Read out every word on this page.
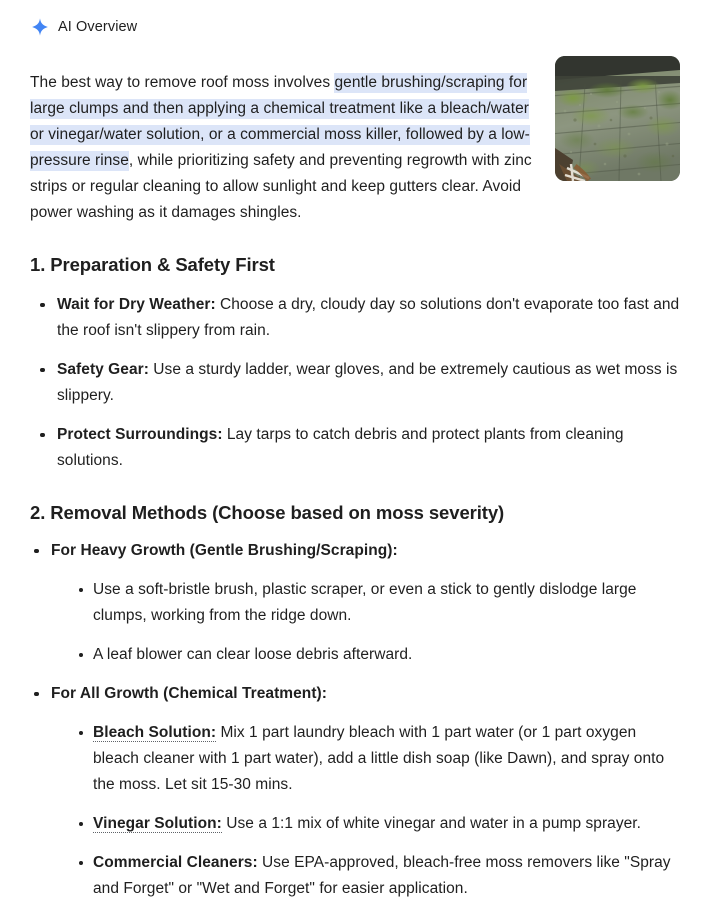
AI Overview

The best way to remove roof moss involves gentle brushing/scraping for large clumps and then applying a chemical treatment like a bleach/water or vinegar/water solution, or a commercial moss killer, followed by a low-pressure rinse, while prioritizing safety and preventing regrowth with zinc strips or regular cleaning to allow sunlight and keep gutters clear. Avoid power washing as it damages shingles.

1. Preparation & Safety First
Wait for Dry Weather: Choose a dry, cloudy day so solutions don't evaporate too fast and the roof isn't slippery from rain.
Safety Gear: Use a sturdy ladder, wear gloves, and be extremely cautious as wet moss is slippery.
Protect Surroundings: Lay tarps to catch debris and protect plants from cleaning solutions.
2. Removal Methods (Choose based on moss severity)
For Heavy Growth (Gentle Brushing/Scraping):
Use a soft-bristle brush, plastic scraper, or even a stick to gently dislodge large clumps, working from the ridge down.
A leaf blower can clear loose debris afterward.
For All Growth (Chemical Treatment):
Bleach Solution: Mix 1 part laundry bleach with 1 part water (or 1 part oxygen bleach cleaner with 1 part water), add a little dish soap (like Dawn), and spray onto the moss. Let sit 15-30 mins.
Vinegar Solution: Use a 1:1 mix of white vinegar and water in a pump sprayer.
Commercial Cleaners: Use EPA-approved, bleach-free moss removers like "Spray and Forget" or "Wet and Forget" for easier application.
